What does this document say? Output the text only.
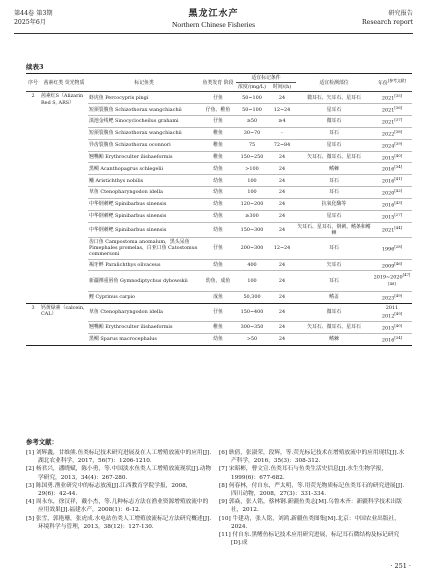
第44卷 第3期
2025年6月
黑龙江水产
Northern Chinese Fisheries
研究报告
Research report
续表3
序号	茜素红类 荧光物质	标记鱼类	鱼类发育 阶段	适宜标记条件		适宜检测部位	年份[参考文献]
				浓度/(mg/L)	时间/(h)		
2	茜素红S（Alizarin Red S, ARS）	虾虎鱼 Percocypris pingi	仔鱼	50~100	24	微耳石、矢耳石、星耳石	2021[35]
		短须裂腹鱼 Schizothorax wangchiachii	仔鱼、稚鱼	50~100	12~24	星耳石	2021[36]
		滇池金线鲃 Sinocyclocheilus grahami	仔鱼	≥50	≥4	微耳石	2021[37]
		短须裂腹鱼 Schizothorax wangchiachii	稚鱼	30~70	-	耳石	2022[38]
		异齿裂腹鱼 Schizothorax oconnori	稚鱼	75	72~84	星耳石	2024[39]
		翘嘴鲌 Erythroculter ilishaeformis	稚鱼	150~250	24	矢耳石、微耳石、星耳石	2015[40]
		黑鲷 Acanthopagrus schlegelii	幼鱼	>100	24	鳍棘	2016[34]
		鳙 Aristichthys nobilis	幼鱼	100	24	耳石	2016[41]
		草鱼 Ctenopharyngodon idella	幼鱼	100	24	耳石	2020[42]
		中华倒刺鲃 Spinibarbus sinensis	幼鱼	120~200	24	抗氧化酶等	2016[43]
		中华倒刺鲃 Spinibarbus sinensis	幼鱼	≥300	24	星耳石	2015[27]
		中华倒刺鲃 Spinibarbus sinensis	幼鱼	150~300	24	矢耳石、星耳石、倒刺、鳍条和鳍棘	2021[44]
		齿口鱼 Campostoma anomalum，黑头呆鱼 Pimephales promelas，白亚口鱼 Catostomus commersoni	仔鱼	200~300	12~24	耳石	1996[28]
		褐牙鲆 Paralichthys olivaceus	幼鱼	400	24	矢耳石	2009[46]
		新疆裸重唇鱼 Gymnodiptychus dybowskii	幼鱼、成鱼	100	24	耳石	2019~2020[47][48]
		鲤 Cyprinus carpio	成鱼	50,300	24	鳍盖	2023[49]
3	钙黄绿素（calcein, CAL）	草鱼 Ctenopharyngodon idella	仔鱼	150~400	24	微耳石	2011
2012[49]

		翘嘴鲌 Erythroculter ilishaeformis	稚鱼	300~350	24	矢耳石、微耳石、星耳石	2015[40]
		黑鲷 Sparus macrocephalus	幼鱼	>50	24	鳍棘	2016[34]
参考文献：
[1] 刘辉鑫，甘维熊.鱼类标记技术研究进展及在人工增殖放流中的应用[J].湖北农业科学，2017，56(7)：1206-1210.
[2] 杨君兴，潘晓赋，陈小勇，等.中国淡水鱼类人工增殖放流现状[J].动物学研究，2013，34(4)：267-280.
[3] 陈国勇.渔业研究中的标志放流[J].江西教育学院学报，2008，29(6)：42-44.
[4] 周永东，徐汉祥，戴小杰，等.几种标志方法在渔业资源增殖放流中的应用效果[J].福建水产，2008(1)：6-12.
[5] 张雪，郭艳珊，张虎成.水电站鱼类人工增殖放流标记方法研究概述[J].环境科学与管理，2013，38(12)：127-130.
[6] 耿倩，张淑荣，段辉，等.荧光标记技术在增殖放流中的应用现状[J].水产科学，2016，35(3)：308-312.
[7] 宋昭彬，曹文宣.鱼类耳石与鱼类生活史信息[J].水生生物学报，1999(6)：677-682.
[8] 何春林，付自东，严太明，等.用荧光物质标记鱼类耳石的研究进展[J].四川动物，2008，27(3)：331-334.
[9] 郭焱，张人铭，蔡林钢.新疆鱼类志[M].乌鲁木齐：新疆科学技术出版社，2012.
[10] 牛建功，张人铭，刘鸿.新疆鱼类图集[M].北京：中国农业出版社，2024.
[11] 付自东.黑鳍鱼标记技术应用研究进展，标记耳石微结构及标记研究[D].成
· 251 ·
